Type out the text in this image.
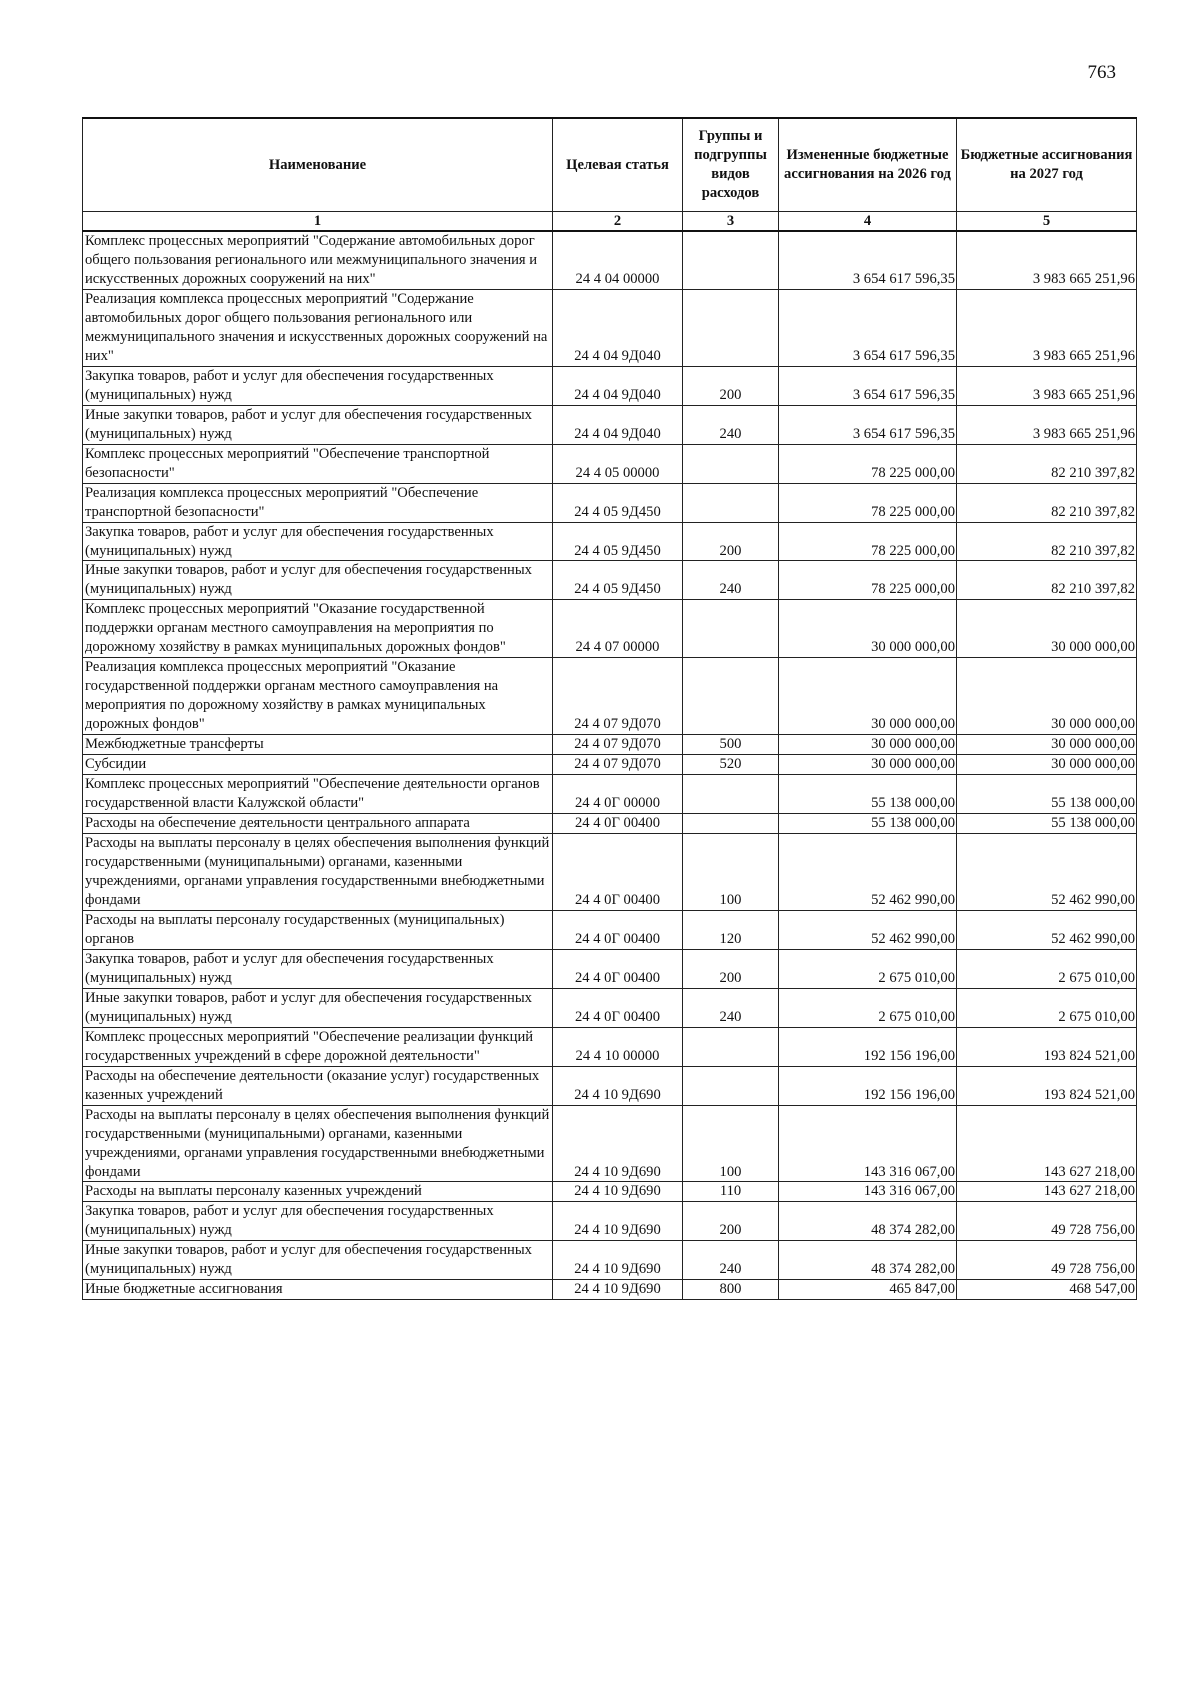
763
Наименование	Целевая статья	Группы и подгруппы видов расходов	Измененные бюджетные ассигнования на 2026 год	Бюджетные ассигнования на 2027 год
1	2	3	4	5
Комплекс процессных мероприятий "Содержание автомобильных дорог общего пользования регионального или межмуниципального значения и искусственных дорожных сооружений на них"	24 4 04 00000		3 654 617 596,35	3 983 665 251,96
Реализация комплекса процессных мероприятий "Содержание автомобильных дорог общего пользования регионального или межмуниципального значения и искусственных дорожных сооружений на них"	24 4 04 9Д040		3 654 617 596,35	3 983 665 251,96
Закупка товаров, работ и услуг для обеспечения государственных (муниципальных) нужд	24 4 04 9Д040	200	3 654 617 596,35	3 983 665 251,96
Иные закупки товаров, работ и услуг для обеспечения государственных (муниципальных) нужд	24 4 04 9Д040	240	3 654 617 596,35	3 983 665 251,96
Комплекс процессных мероприятий "Обеспечение транспортной безопасности"	24 4 05 00000		78 225 000,00	82 210 397,82
Реализация комплекса процессных мероприятий "Обеспечение транспортной безопасности"	24 4 05 9Д450		78 225 000,00	82 210 397,82
Закупка товаров, работ и услуг для обеспечения государственных (муниципальных) нужд	24 4 05 9Д450	200	78 225 000,00	82 210 397,82
Иные закупки товаров, работ и услуг для обеспечения государственных (муниципальных) нужд	24 4 05 9Д450	240	78 225 000,00	82 210 397,82
Комплекс процессных мероприятий "Оказание государственной поддержки органам местного самоуправления на мероприятия по дорожному хозяйству в рамках муниципальных дорожных фондов"	24 4 07 00000		30 000 000,00	30 000 000,00
Реализация комплекса процессных мероприятий "Оказание государственной поддержки органам местного самоуправления на мероприятия по дорожному хозяйству в рамках муниципальных дорожных фондов"	24 4 07 9Д070		30 000 000,00	30 000 000,00
Межбюджетные трансферты	24 4 07 9Д070	500	30 000 000,00	30 000 000,00
Субсидии	24 4 07 9Д070	520	30 000 000,00	30 000 000,00
Комплекс процессных мероприятий "Обеспечение деятельности органов государственной власти Калужской области"	24 4 0Г 00000		55 138 000,00	55 138 000,00
Расходы на обеспечение деятельности центрального аппарата	24 4 0Г 00400		55 138 000,00	55 138 000,00
Расходы на выплаты персоналу в целях обеспечения выполнения функций государственными (муниципальными) органами, казенными учреждениями, органами управления государственными внебюджетными фондами	24 4 0Г 00400	100	52 462 990,00	52 462 990,00
Расходы на выплаты персоналу государственных (муниципальных) органов	24 4 0Г 00400	120	52 462 990,00	52 462 990,00
Закупка товаров, работ и услуг для обеспечения государственных (муниципальных) нужд	24 4 0Г 00400	200	2 675 010,00	2 675 010,00
Иные закупки товаров, работ и услуг для обеспечения государственных (муниципальных) нужд	24 4 0Г 00400	240	2 675 010,00	2 675 010,00
Комплекс процессных мероприятий "Обеспечение реализации функций государственных учреждений в сфере дорожной деятельности"	24 4 10 00000		192 156 196,00	193 824 521,00
Расходы на обеспечение деятельности (оказание услуг) государственных казенных учреждений	24 4 10 9Д690		192 156 196,00	193 824 521,00
Расходы на выплаты персоналу в целях обеспечения выполнения функций государственными (муниципальными) органами, казенными учреждениями, органами управления государственными внебюджетными фондами	24 4 10 9Д690	100	143 316 067,00	143 627 218,00
Расходы на выплаты персоналу казенных учреждений	24 4 10 9Д690	110	143 316 067,00	143 627 218,00
Закупка товаров, работ и услуг для обеспечения государственных (муниципальных) нужд	24 4 10 9Д690	200	48 374 282,00	49 728 756,00
Иные закупки товаров, работ и услуг для обеспечения государственных (муниципальных) нужд	24 4 10 9Д690	240	48 374 282,00	49 728 756,00
Иные бюджетные ассигнования	24 4 10 9Д690	800	465 847,00	468 547,00
